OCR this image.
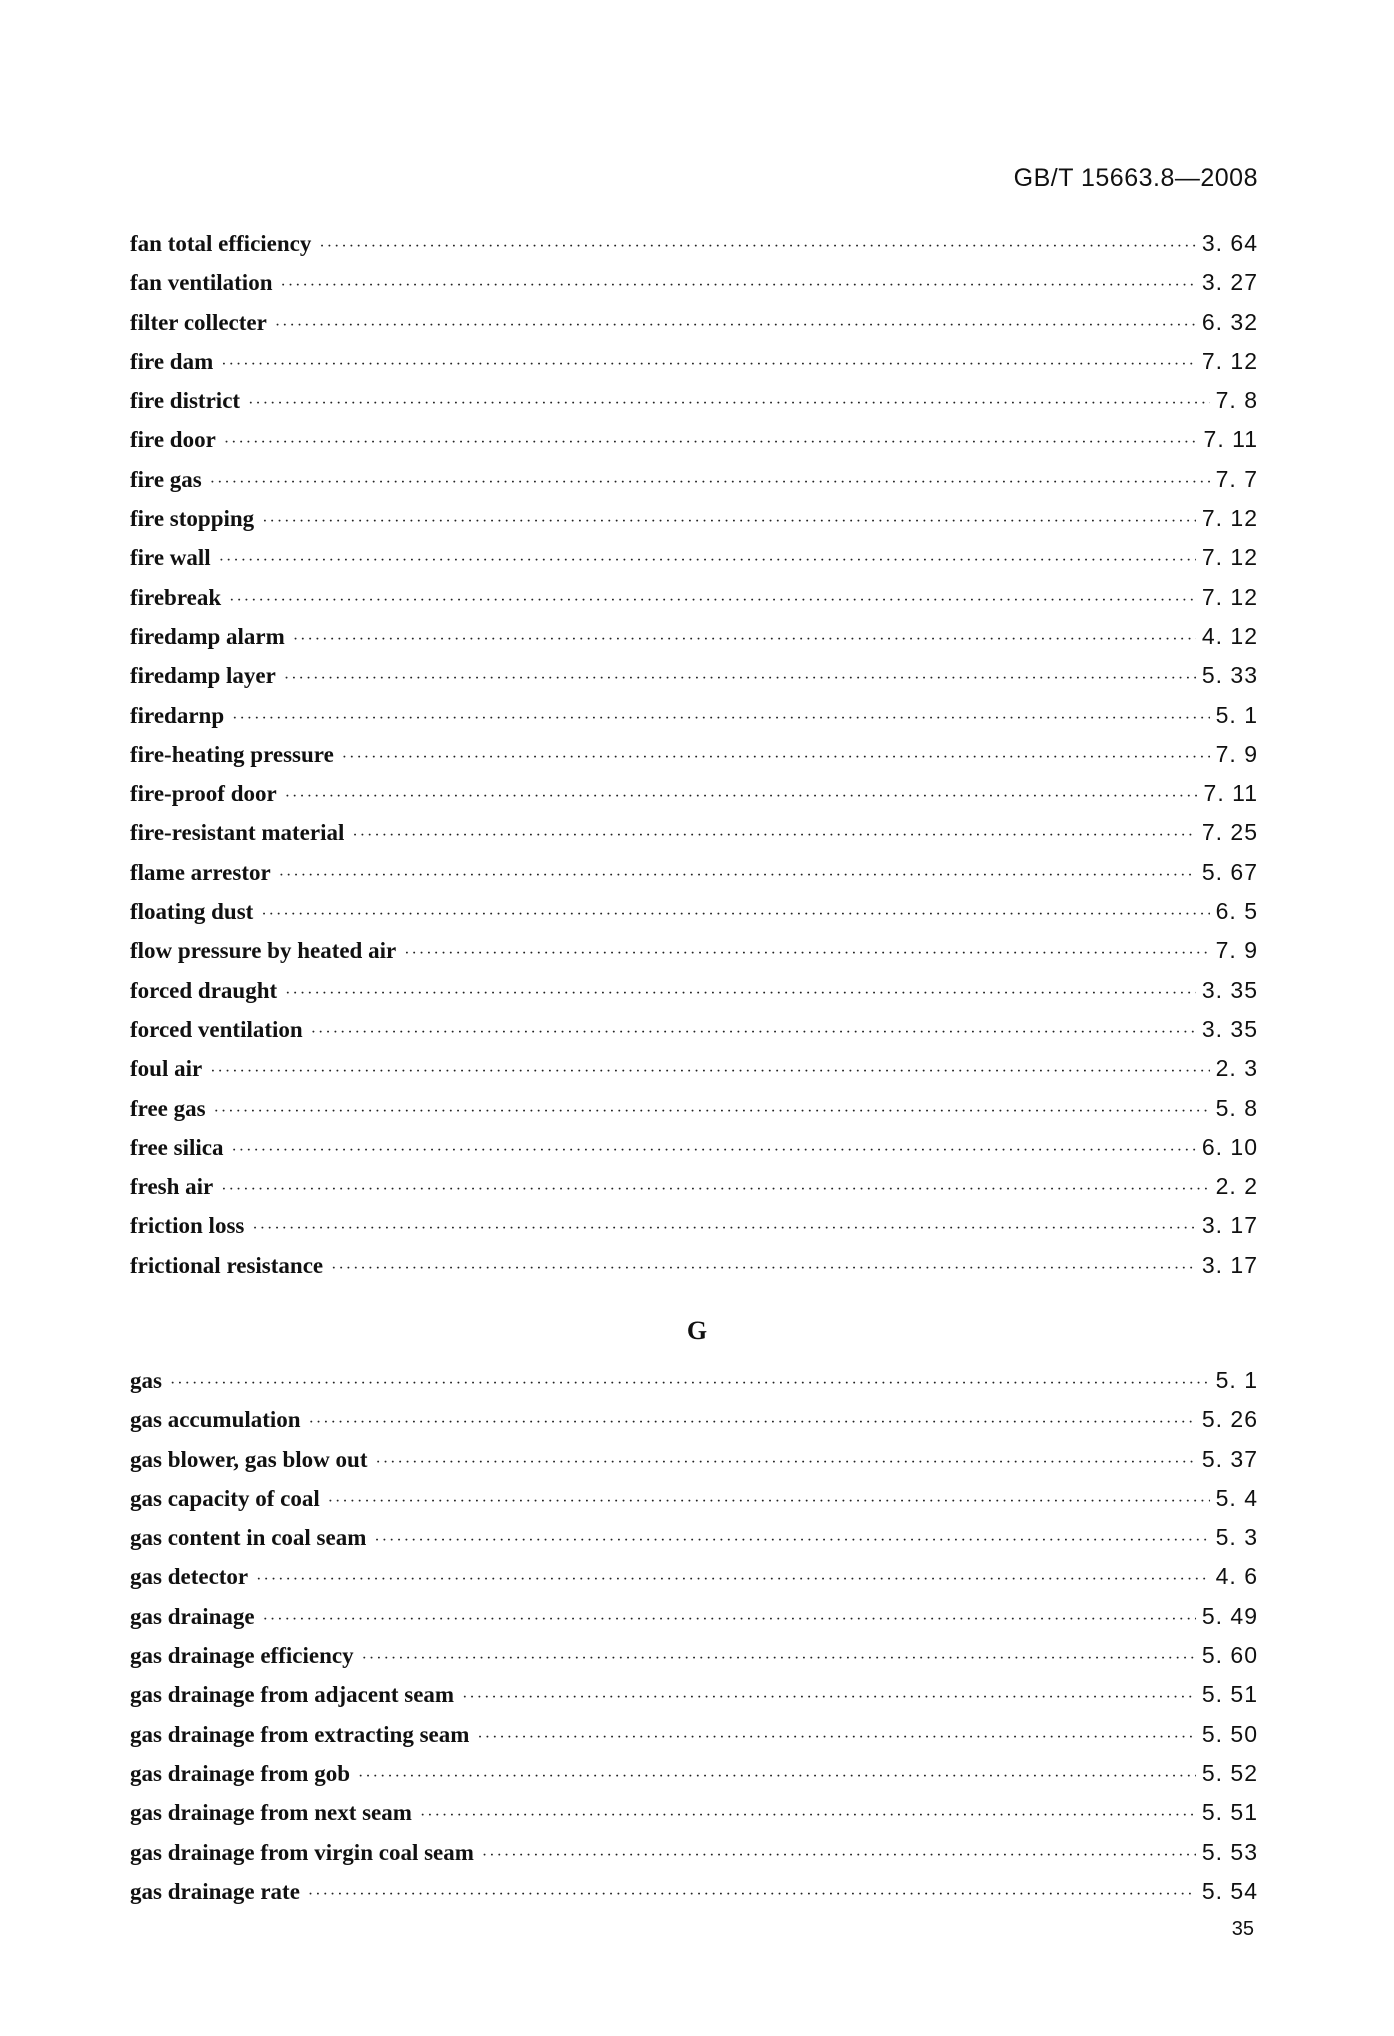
GB/T 15663.8—2008
fan total efficiency ·····	3. 64
fan ventilation ·····	3. 27
filter collecter ·····	6. 32
fire dam ·····	7. 12
fire district ·····	7. 8
fire door ·····	7. 11
fire gas ·····	7. 7
fire stopping ·····	7. 12
fire wall ·····	7. 12
firebreak ·····	7. 12
firedamp alarm ·····	4. 12
firedamp layer ·····	5. 33
firedarnp ·····	5. 1
fire-heating pressure ·····	7. 9
fire-proof door ·····	7. 11
fire-resistant material ·····	7. 25
flame arrestor ·····	5. 67
floating dust ·····	6. 5
flow pressure by heated air ·····	7. 9
forced draught ·····	3. 35
forced ventilation ·····	3. 35
foul air ·····	2. 3
free gas ·····	5. 8
free silica ·····	6. 10
fresh air ·····	2. 2
friction loss ·····	3. 17
frictional resistance ·····	3. 17
G
gas ·····	5. 1
gas accumulation ·····	5. 26
gas blower, gas blow out ·····	5. 37
gas capacity of coal ·····	5. 4
gas content in coal seam ·····	5. 3
gas detector ·····	4. 6
gas drainage ·····	5. 49
gas drainage efficiency ·····	5. 60
gas drainage from adjacent seam ·····	5. 51
gas drainage from extracting seam ·····	5. 50
gas drainage from gob ·····	5. 52
gas drainage from next seam ·····	5. 51
gas drainage from virgin coal seam ·····	5. 53
gas drainage rate ·····	5. 54
35
